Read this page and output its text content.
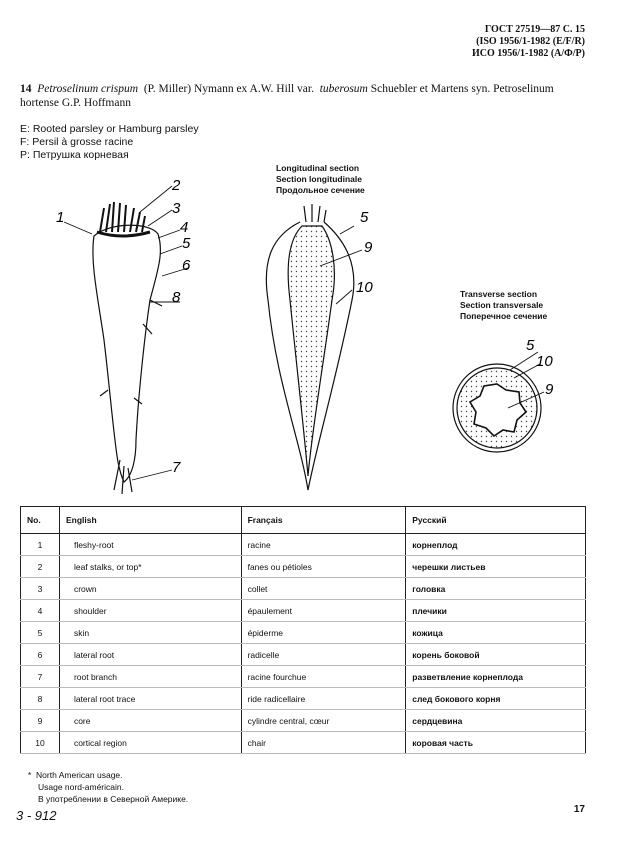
ГОСТ 27519—87 С. 15
(ISO 1956/1-1982 (E/F/R)
ИСО 1956/1-1982 (A/Ф/Р)
14 Petroselinum crispum (P. Miller) Nymann ex A.W. Hill var. tuberosum Schuebler et Martens syn. Petroselinum hortense G.P. Hoffmann
E: Rooted parsley or Hamburg parsley
F: Persil à grosse racine
P: Петрушка корневая
Longitudinal section
Section longitudinale
Продольное сечение
Transverse section
Section transversale
Поперечное сечение
1
2
3
4
5
6
8
7
5
9
10
5
10
9
No.	English	Français	Русский
1	fleshy-root	racine	корнеплод
2	leaf stalks, or top*	fanes ou pétioles	черешки листьев
3	crown	collet	головка
4	shoulder	épaulement	плечики
5	skin	épiderme	кожица
6	lateral root	radicelle	корень боковой
7	root branch	racine fourchue	разветвление корнеплода
8	lateral root trace	ride radicellaire	след бокового корня
9	core	cylindre central, cœur	сердцевина
10	cortical region	chair	коровая часть
* North American usage.
Usage nord-américain.
В употреблении в Северной Америке.
3 - 912	17
